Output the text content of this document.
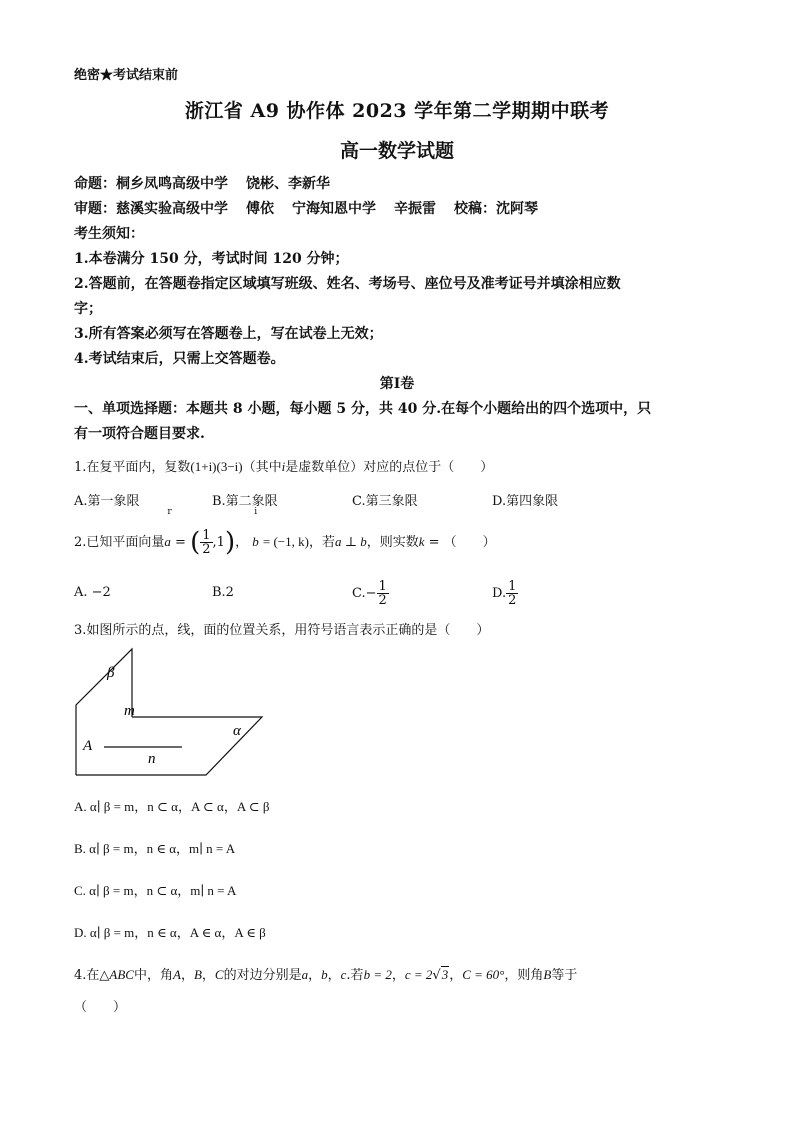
绝密★考试结束前
浙江省 A9 协作体 2023 学年第二学期期中联考
高一数学试题
命题：桐乡凤鸣高级中学 饶彬、李新华
审题：慈溪实验高级中学 傅依 宁海知恩中学 辛振雷 校稿：沈阿琴
考生须知：
1.本卷满分 150 分，考试时间 120 分钟；
2.答题前，在答题卷指定区域填写班级、姓名、考场号、座位号及准考证号并填涂相应数
字；
3.所有答案必须写在答题卷上，写在试卷上无效；
4.考试结束后，只需上交答题卷。
第Ⅰ卷
一、单项选择题：本题共 8 小题，每小题 5 分，共 40 分.在每个小题给出的四个选项中，只
有一项符合题目要求.
1.在复平面内，复数(1+i)(3−i)（其中i是虚数单位）对应的点位于（　　）
A.第一象限	B.第二象限	C.第三象限	D.第四象限
2.已知平面向量
r
a = ( $\frac{1}{2} ,1$)，
i
b = (−1, k)，若a ⊥ b，则实数k = （　　）
A. −2	B.2	$C.- \frac{1}{2}$	D. $\frac{1}{2}$
3.如图所示的点，线，面的位置关系，用符号语言表示正确的是（　　）
β
m
A
n
α
A. α∣ β = m，n ⊂ α，A ⊂ α，A ⊂ β
B. α∣ β = m，n ∈ α，m∣ n = A
C. α∣ β = m，n ⊂ α，m∣ n = A
D. α∣ β = m，n ∈ α，A ∈ α，A ∈ β
4.在△ABC中，角A，B，C的对边分别是a，b，c.若b = 2，c = 2√3，C = 60°，则角B等于
（　　）
